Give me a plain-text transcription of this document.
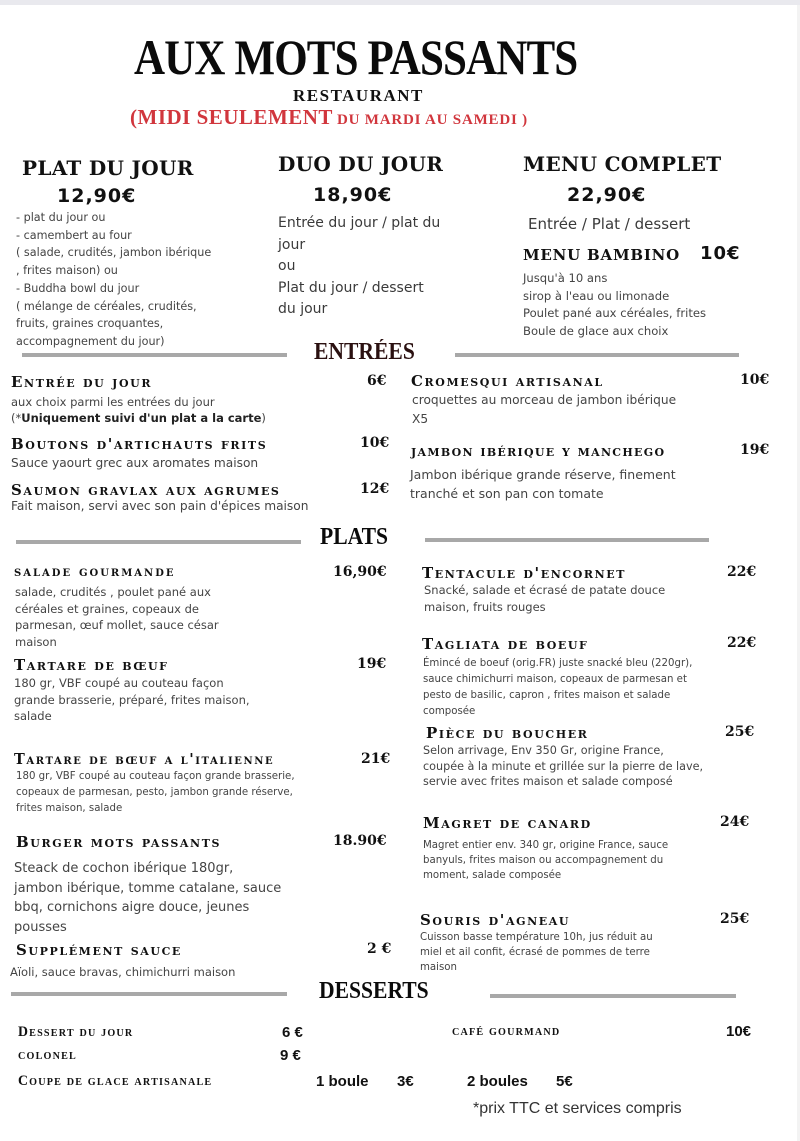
AUX MOTS PASSANTS
RESTAURANT
(MIDI SEULEMENT DU MARDI AU SAMEDI )
PLAT DU JOUR
12,90€
- plat du jour ou
- camembert au four
( salade, crudités, jambon ibérique
, frites maison) ou
- Buddha bowl du jour
( mélange de céréales, crudités,
fruits, graines croquantes,
accompagnement du jour)
DUO DU JOUR
18,90€
Entrée du jour / plat du
jour
ou
Plat du jour / dessert
du jour
MENU COMPLET
22,90€
Entrée / Plat / dessert
MENU BAMBINO 10€
Jusqu'à 10 ans
sirop à l'eau ou limonade
Poulet pané aux céréales, frites
Boule de glace aux choix
ENTRÉES
Entrée du jour	6€
aux choix parmi les entrées du jour
(*Uniquement suivi d'un plat a la carte)
Boutons d'artichauts frits	10€
Sauce yaourt grec aux aromates maison
Saumon gravlax aux agrumes	12€
Fait maison, servi avec son pain d'épices maison
Cromesqui artisanal	10€
croquettes au morceau de jambon ibérique X5
jambon ibérique y manchego	19€
Jambon ibérique grande réserve, finement tranché et son pan con tomate
PLATS
salade gourmande	16,90€
salade, crudités , poulet pané aux céréales et graines, copeaux de parmesan, œuf mollet, sauce césar maison
Tartare de bœuf	19€
180 gr, VBF coupé au couteau façon grande brasserie, préparé, frites maison, salade
Tartare de bœuf a l'italienne	21€
180 gr, VBF coupé au couteau façon grande brasserie, copeaux de parmesan, pesto, jambon grande réserve, frites maison, salade
Burger mots passants	18.90€
Steack de cochon ibérique 180gr, jambon ibérique, tomme catalane, sauce bbq, cornichons aigre douce, jeunes pousses
Supplément sauce	2 €
Aïoli, sauce bravas, chimichurri maison
Tentacule d'encornet	22€
Snacké, salade et écrasé de patate douce maison, fruits rouges
Tagliata de boeuf	22€
Émincé de boeuf (orig.FR) juste snacké bleu (220gr), sauce chimichurri maison, copeaux de parmesan et pesto de basilic, capron , frites maison et salade composée
Pièce du boucher	25€
Selon arrivage, Env 350 Gr, origine France, coupée à la minute et grillée sur la pierre de lave, servie avec frites maison et salade composé
Magret de canard	24€
Magret entier env. 340 gr, origine France, sauce banyuls, frites maison ou accompagnement du moment, salade composée
Souris d'agneau	25€
Cuisson basse température 10h, jus réduit au miel et ail confit, écrasé de pommes de terre maison
DESSERTS
Dessert du jour	6 €
colonel	9 €
Coupe de glace artisanale	1 boule 3€	2 boules 5€
café gourmand	10€
*prix TTC et services compris
